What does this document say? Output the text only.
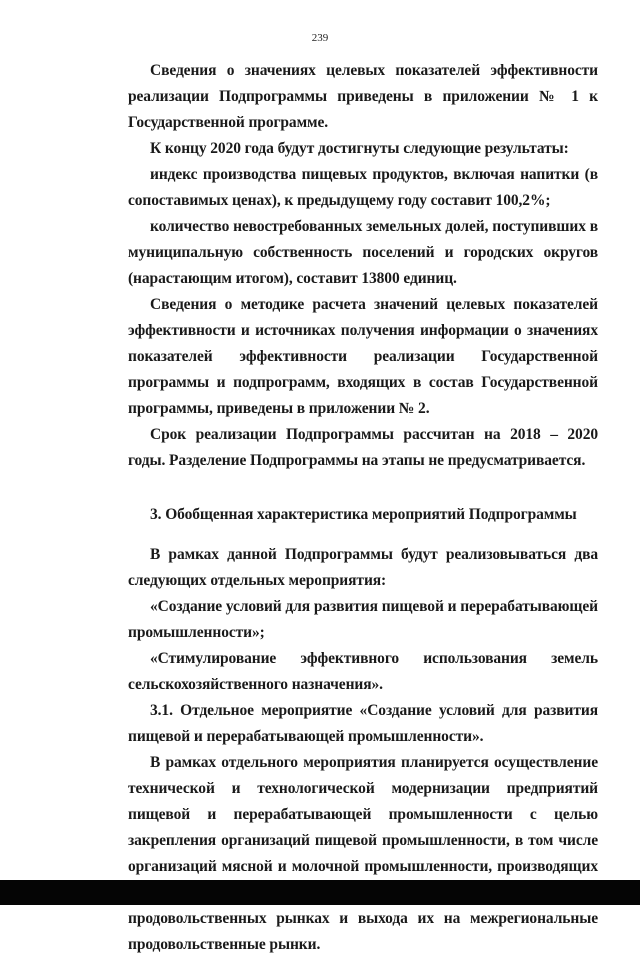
239

Сведения о значениях целевых показателей эффективности реализации Подпрограммы приведены в приложении № 1 к Государственной программе.

К концу 2020 года будут достигнуты следующие результаты:

индекс производства пищевых продуктов, включая напитки (в сопоставимых ценах), к предыдущему году составит 100,2%;

количество невостребованных земельных долей, поступивших в муниципальную собственность поселений и городских округов (нарастающим итогом), составит 13800 единиц.

Сведения о методике расчета значений целевых показателей эффективности и источниках получения информации о значениях показателей эффективности реализации Государственной программы и подпрограмм, входящих в состав Государственной программы, приведены в приложении № 2.

Срок реализации Подпрограммы рассчитан на 2018 – 2020 годы. Разделение Подпрограммы на этапы не предусматривается.

3. Обобщенная характеристика мероприятий Подпрограммы

В рамках данной Подпрограммы будут реализовываться два следующих отдельных мероприятия:

«Создание условий для развития пищевой и перерабатывающей промышленности»;

«Стимулирование эффективного использования земель сельскохозяйственного назначения».

3.1. Отдельное мероприятие «Создание условий для развития пищевой и перерабатывающей промышленности».

В рамках отдельного мероприятия планируется осуществление технической и технологической модернизации предприятий пищевой и перерабатывающей промышленности с целью закрепления организаций пищевой промышленности, в том числе организаций мясной и молочной промышленности, производящих продовольственных рынках и выхода их на межрегиональные продовольственные рынки.
